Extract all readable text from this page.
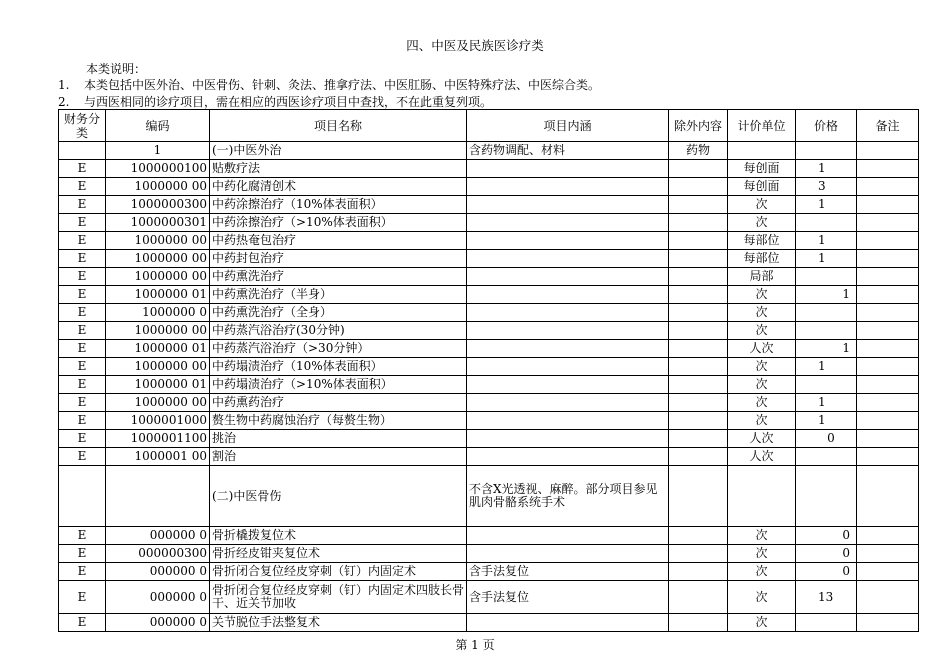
四、中医及民族医诊疗类
本类说明：
1. 本类包括中医外治、中医骨伤、针刺、灸法、推拿疗法、中医肛肠、中医特殊疗法、中医综合类。
2. 与西医相同的诊疗项目，需在相应的西医诊疗项目中查找，不在此重复列项。
财务分类	编码	项目名称	项目内涵	除外内容	计价单位	价格	备注
	1	(一)中医外治	含药物调配、材料	药物			
E	1000000100	贴敷疗法			每创面	1	
E	1000000 00	中药化腐清创术			每创面	3	
E	1000000300	中药涂擦治疗（10%体表面积）			次	1	
E	1000000301	中药涂擦治疗（>10%体表面积）			次		
E	1000000 00	中药热奄包治疗			每部位	1	
E	1000000 00	中药封包治疗			每部位	1	
E	1000000 00	中药熏洗治疗			局部		
E	1000000 01	中药熏洗治疗（半身）			次	1	
E	1000000 0	中药熏洗治疗（全身）			次		
E	1000000 00	中药蒸汽浴治疗(30分钟)			次		
E	1000000 01	中药蒸汽浴治疗（>30分钟）			人次	1	
E	1000000 00	中药塌渍治疗（10%体表面积）			次	1	
E	1000000 01	中药塌渍治疗（>10%体表面积）			次		
E	1000000 00	中药熏药治疗			次	1	
E	1000001000	赘生物中药腐蚀治疗（每赘生物）			次	1	
E	1000001100	挑治			人次	0	
E	1000001 00	割治			人次		
		(二)中医骨伤	不含X光透视、麻醉。部分项目参见肌肉骨骼系统手术				
E	000000 0	骨折橇拨复位术			次	0	
E	000000300	骨折经皮钳夹复位术			次	0	
E	000000 0	骨折闭合复位经皮穿刺（钉）内固定术	含手法复位		次	0	
E	000000 0	骨折闭合复位经皮穿刺（钉）内固定术四肢长骨干、近关节加收	含手法复位		次	13	
E	000000 0	关节脱位手法整复术			次		
第 1 页
